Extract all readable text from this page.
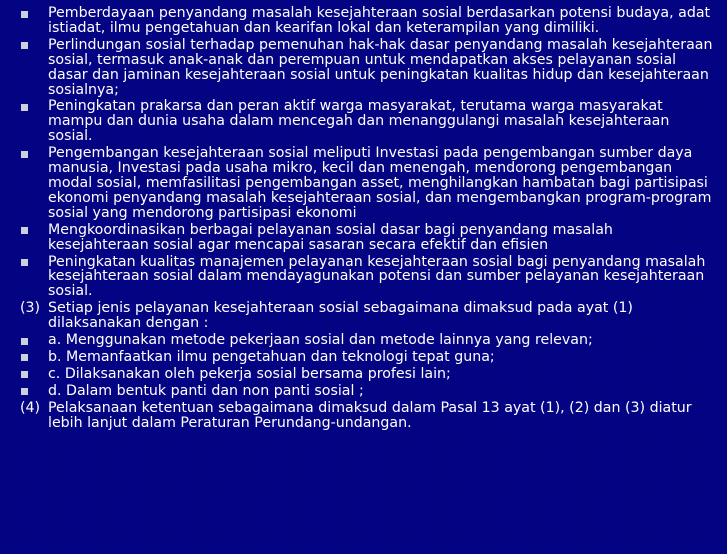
Pemberdayaan penyandang masalah kesejahteraan sosial berdasarkan potensi budaya, adat istiadat, ilmu pengetahuan dan kearifan lokal dan keterampilan yang dimiliki.
Perlindungan sosial terhadap pemenuhan hak-hak dasar penyandang masalah kesejahteraan sosial, termasuk anak-anak dan perempuan untuk mendapatkan akses pelayanan sosial dasar dan jaminan kesejahteraan sosial untuk peningkatan kualitas hidup dan kesejahteraan sosialnya;
Peningkatan prakarsa dan peran aktif warga masyarakat, terutama warga masyarakat mampu dan dunia usaha dalam mencegah dan menanggulangi masalah kesejahteraan sosial.
Pengembangan kesejahteraan sosial meliputi Investasi pada pengembangan sumber daya manusia, Investasi pada usaha mikro, kecil dan menengah, mendorong pengembangan modal sosial, memfasilitasi pengembangan asset, menghilangkan hambatan bagi partisipasi ekonomi penyandang masalah kesejahteraan sosial, dan mengembangkan program-program sosial yang mendorong partisipasi ekonomi
Mengkoordinasikan berbagai pelayanan sosial dasar bagi penyandang masalah kesejahteraan sosial agar mencapai sasaran secara efektif dan efisien
Peningkatan kualitas manajemen pelayanan kesejahteraan sosial bagi penyandang masalah kesejahteraan sosial dalam mendayagunakan potensi dan sumber pelayanan kesejahteraan sosial.
(3) Setiap jenis pelayanan kesejahteraan sosial sebagaimana dimaksud pada ayat (1) dilaksanakan dengan :
a. Menggunakan metode pekerjaan sosial dan metode lainnya yang relevan;
b. Memanfaatkan ilmu pengetahuan dan teknologi tepat guna;
c. Dilaksanakan oleh pekerja sosial bersama profesi lain;
d. Dalam bentuk panti dan non panti sosial ;
(4) Pelaksanaan ketentuan sebagaimana dimaksud dalam Pasal 13 ayat (1), (2) dan (3) diatur lebih lanjut dalam Peraturan Perundang-undangan.
